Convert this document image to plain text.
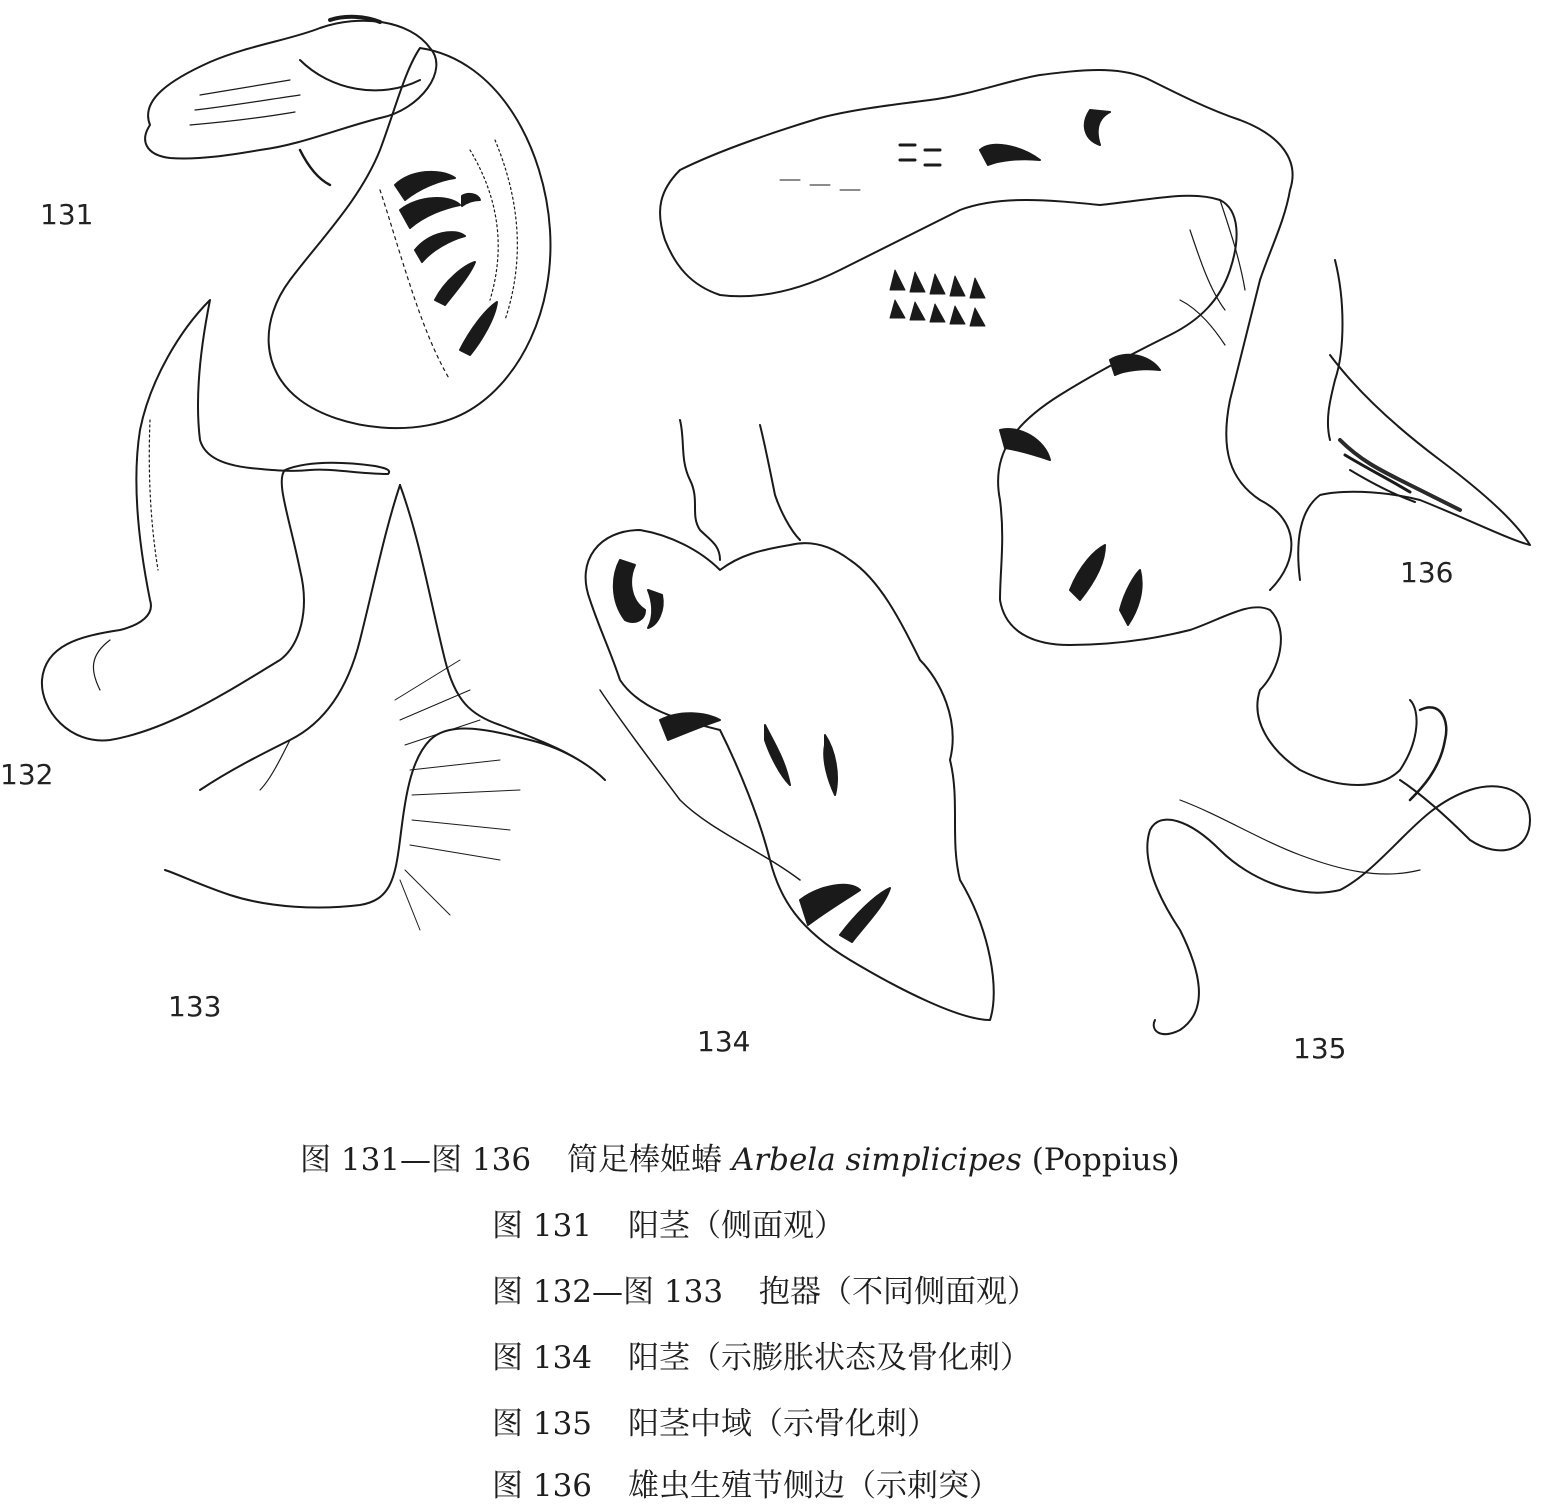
131
132
133
134	135
136
图 131—图 136 简足棒姬蝽 Arbela simplicipes (Poppius)
图 131 阳茎（侧面观）
图 132—图 133 抱器（不同侧面观）
图 134 阳茎（示膨胀状态及骨化刺）
图 135 阳茎中域（示骨化刺）
图 136 雄虫生殖节侧边（示刺突）
